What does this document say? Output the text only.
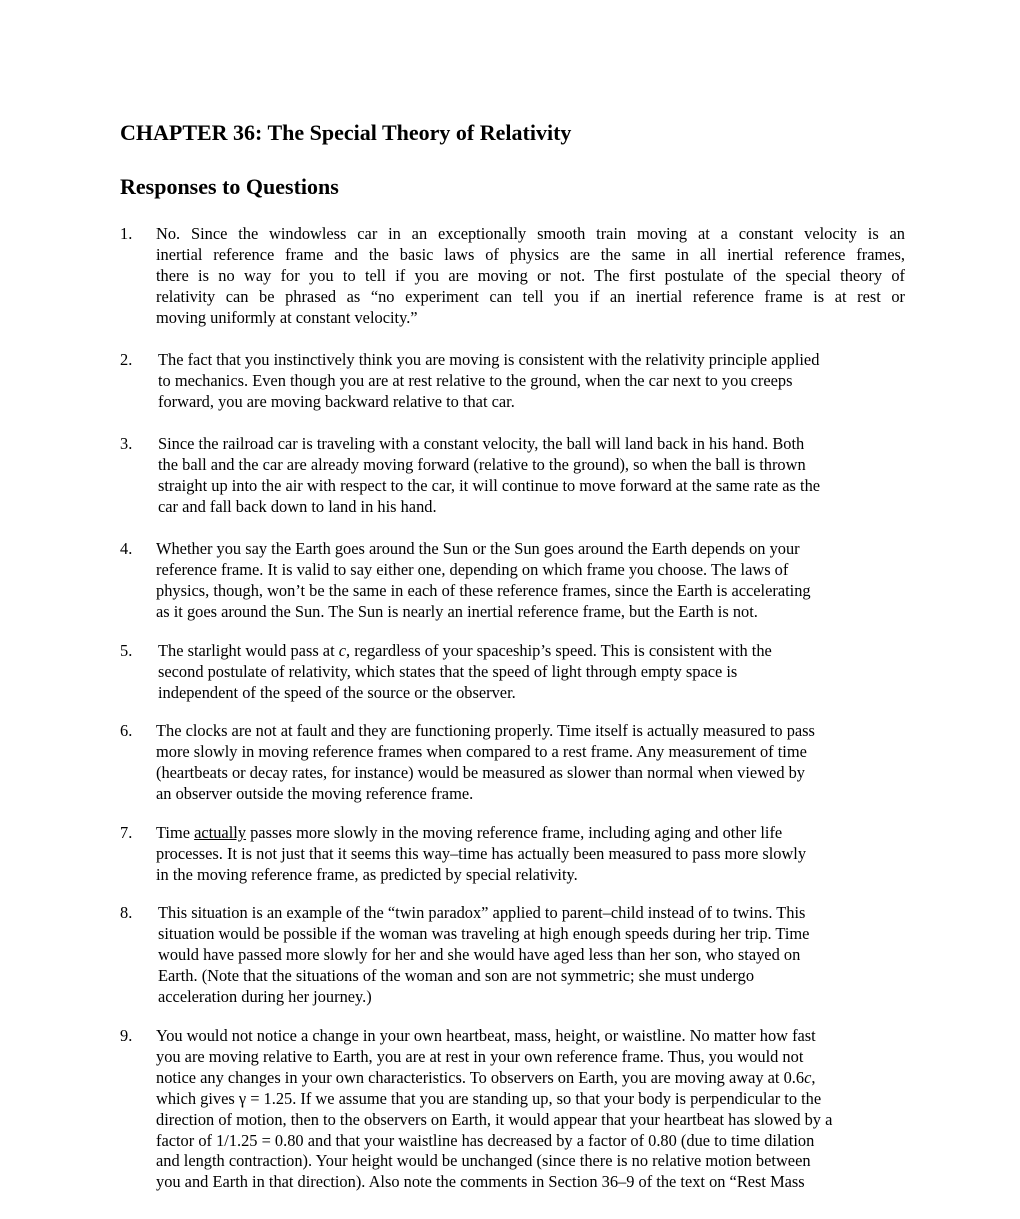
CHAPTER 36: The Special Theory of Relativity
Responses to Questions
1. No. Since the windowless car in an exceptionally smooth train moving at a constant velocity is an
inertial reference frame and the basic laws of physics are the same in all inertial reference frames,
there is no way for you to tell if you are moving or not. The first postulate of the special theory of
relativity can be phrased as “no experiment can tell you if an inertial reference frame is at rest or
moving uniformly at constant velocity.”
2. The fact that you instinctively think you are moving is consistent with the relativity principle applied
to mechanics. Even though you are at rest relative to the ground, when the car next to you creeps
forward, you are moving backward relative to that car.
3. Since the railroad car is traveling with a constant velocity, the ball will land back in his hand. Both
the ball and the car are already moving forward (relative to the ground), so when the ball is thrown
straight up into the air with respect to the car, it will continue to move forward at the same rate as the
car and fall back down to land in his hand.
4. Whether you say the Earth goes around the Sun or the Sun goes around the Earth depends on your
reference frame. It is valid to say either one, depending on which frame you choose. The laws of
physics, though, won’t be the same in each of these reference frames, since the Earth is accelerating
as it goes around the Sun. The Sun is nearly an inertial reference frame, but the Earth is not.
5. The starlight would pass at c, regardless of your spaceship’s speed. This is consistent with the
second postulate of relativity, which states that the speed of light through empty space is
independent of the speed of the source or the observer.
6. The clocks are not at fault and they are functioning properly. Time itself is actually measured to pass
more slowly in moving reference frames when compared to a rest frame. Any measurement of time
(heartbeats or decay rates, for instance) would be measured as slower than normal when viewed by
an observer outside the moving reference frame.
7. Time actually passes more slowly in the moving reference frame, including aging and other life
processes. It is not just that it seems this way–time has actually been measured to pass more slowly
in the moving reference frame, as predicted by special relativity.
8. This situation is an example of the “twin paradox” applied to parent–child instead of to twins. This
situation would be possible if the woman was traveling at high enough speeds during her trip. Time
would have passed more slowly for her and she would have aged less than her son, who stayed on
Earth. (Note that the situations of the woman and son are not symmetric; she must undergo
acceleration during her journey.)
9. You would not notice a change in your own heartbeat, mass, height, or waistline. No matter how fast
you are moving relative to Earth, you are at rest in your own reference frame. Thus, you would not
notice any changes in your own characteristics. To observers on Earth, you are moving away at 0.6c,
which gives γ = 1.25. If we assume that you are standing up, so that your body is perpendicular to the
direction of motion, then to the observers on Earth, it would appear that your heartbeat has slowed by a
factor of 1/1.25 = 0.80 and that your waistline has decreased by a factor of 0.80 (due to time dilation
and length contraction). Your height would be unchanged (since there is no relative motion between
you and Earth in that direction). Also note the comments in Section 36–9 of the text on “Rest Mass
